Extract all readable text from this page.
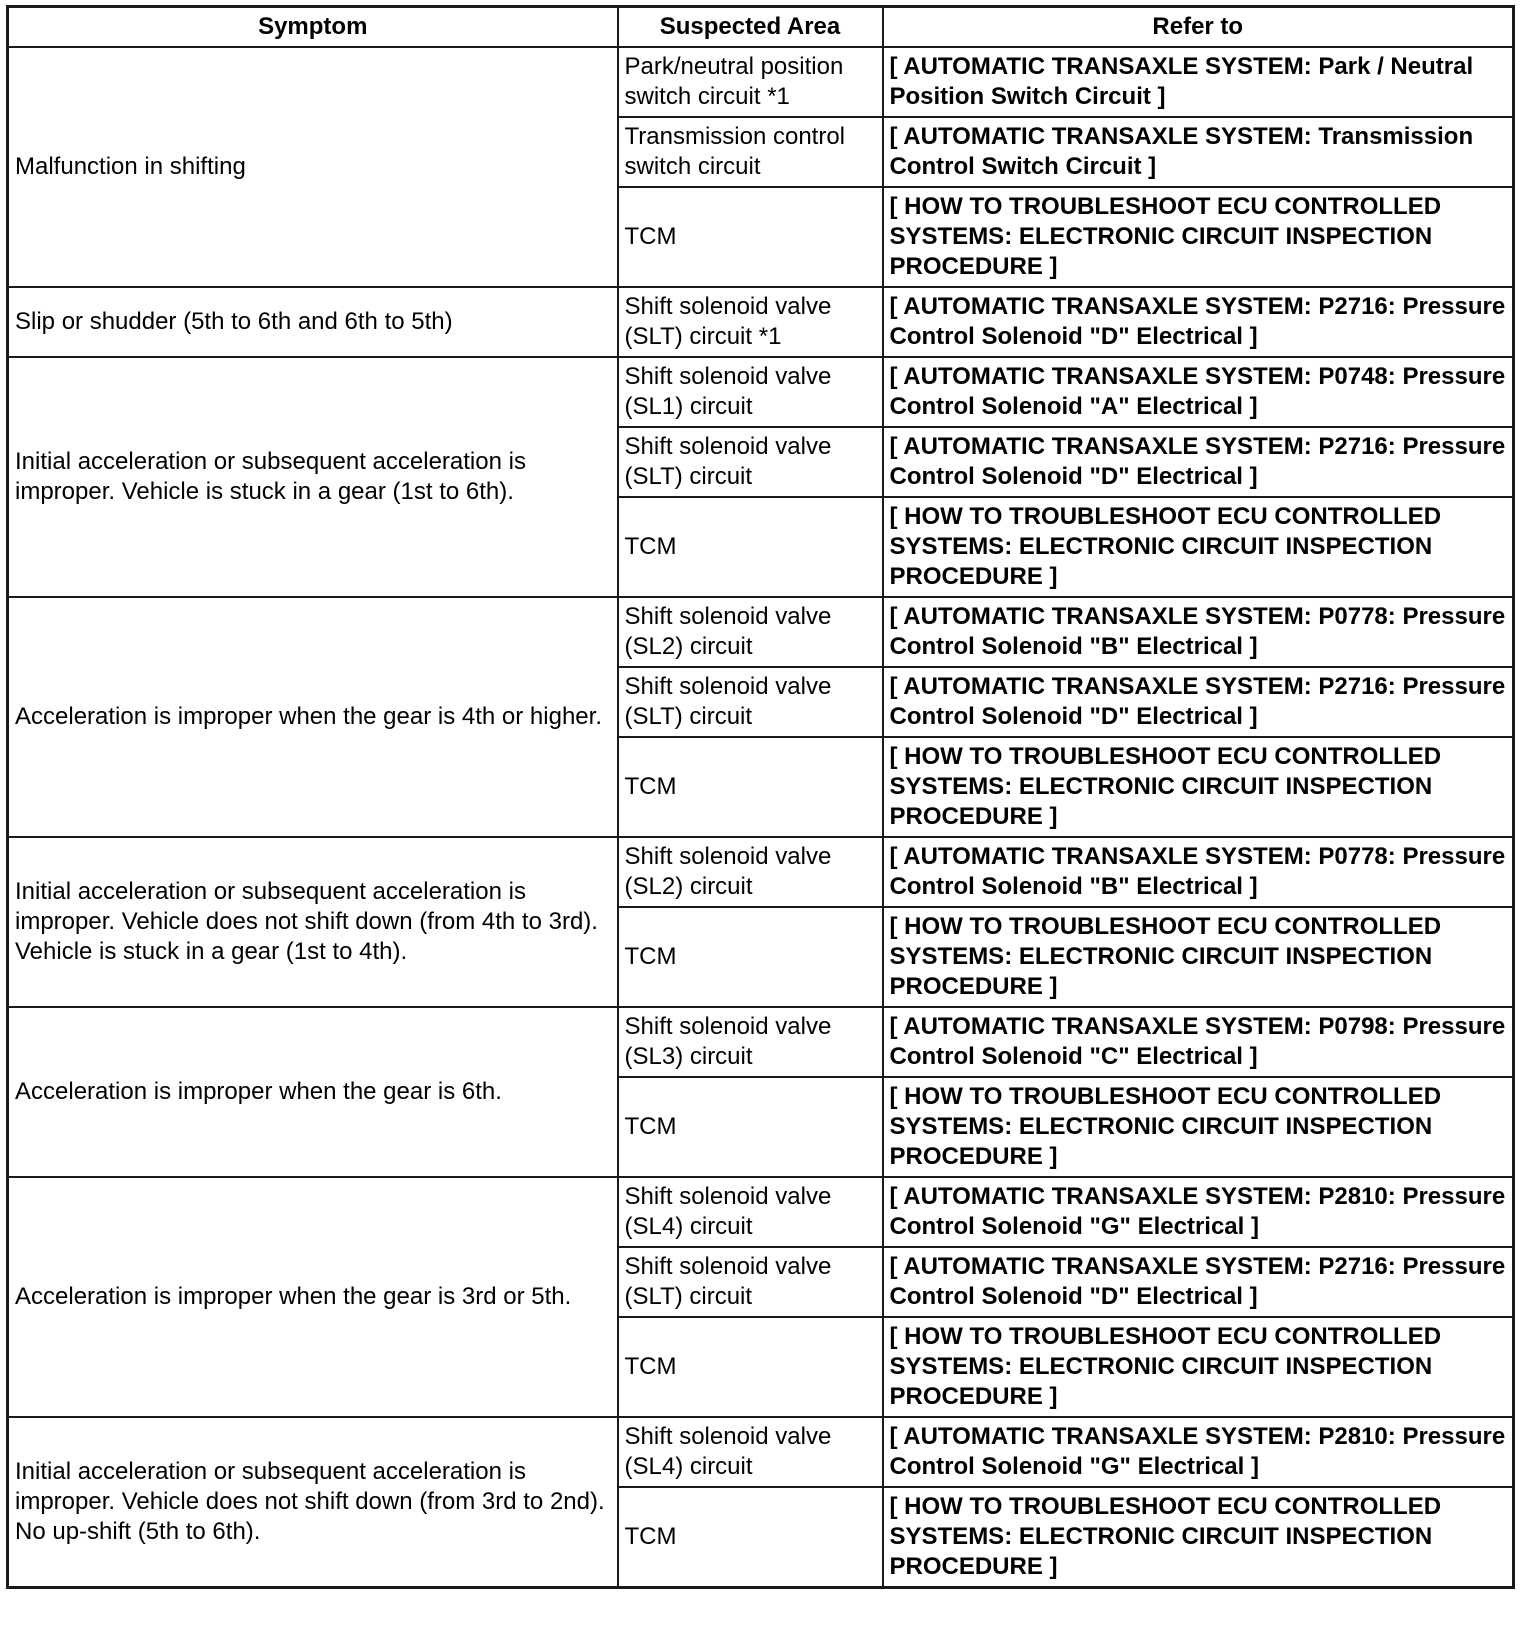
Symptom	Suspected Area	Refer to
Malfunction in shifting	Park/neutral position switch circuit *1	[ AUTOMATIC TRANSAXLE SYSTEM: Park / Neutral Position Switch Circuit ]
	Transmission control switch circuit	[ AUTOMATIC TRANSAXLE SYSTEM: Transmission Control Switch Circuit ]
	TCM	[ HOW TO TROUBLESHOOT ECU CONTROLLED SYSTEMS: ELECTRONIC CIRCUIT INSPECTION PROCEDURE ]
Slip or shudder (5th to 6th and 6th to 5th)	Shift solenoid valve (SLT) circuit *1	[ AUTOMATIC TRANSAXLE SYSTEM: P2716: Pressure Control Solenoid "D" Electrical ]
Initial acceleration or subsequent acceleration is improper. Vehicle is stuck in a gear (1st to 6th).	Shift solenoid valve (SL1) circuit	[ AUTOMATIC TRANSAXLE SYSTEM: P0748: Pressure Control Solenoid "A" Electrical ]
	Shift solenoid valve (SLT) circuit	[ AUTOMATIC TRANSAXLE SYSTEM: P2716: Pressure Control Solenoid "D" Electrical ]
	TCM	[ HOW TO TROUBLESHOOT ECU CONTROLLED SYSTEMS: ELECTRONIC CIRCUIT INSPECTION PROCEDURE ]
Acceleration is improper when the gear is 4th or higher.	Shift solenoid valve (SL2) circuit	[ AUTOMATIC TRANSAXLE SYSTEM: P0778: Pressure Control Solenoid "B" Electrical ]
	Shift solenoid valve (SLT) circuit	[ AUTOMATIC TRANSAXLE SYSTEM: P2716: Pressure Control Solenoid "D" Electrical ]
	TCM	[ HOW TO TROUBLESHOOT ECU CONTROLLED SYSTEMS: ELECTRONIC CIRCUIT INSPECTION PROCEDURE ]
Initial acceleration or subsequent acceleration is improper. Vehicle does not shift down (from 4th to 3rd). Vehicle is stuck in a gear (1st to 4th).	Shift solenoid valve (SL2) circuit	[ AUTOMATIC TRANSAXLE SYSTEM: P0778: Pressure Control Solenoid "B" Electrical ]
	TCM	[ HOW TO TROUBLESHOOT ECU CONTROLLED SYSTEMS: ELECTRONIC CIRCUIT INSPECTION PROCEDURE ]
Acceleration is improper when the gear is 6th.	Shift solenoid valve (SL3) circuit	[ AUTOMATIC TRANSAXLE SYSTEM: P0798: Pressure Control Solenoid "C" Electrical ]
	TCM	[ HOW TO TROUBLESHOOT ECU CONTROLLED SYSTEMS: ELECTRONIC CIRCUIT INSPECTION PROCEDURE ]
Acceleration is improper when the gear is 3rd or 5th.	Shift solenoid valve (SL4) circuit	[ AUTOMATIC TRANSAXLE SYSTEM: P2810: Pressure Control Solenoid "G" Electrical ]
	Shift solenoid valve (SLT) circuit	[ AUTOMATIC TRANSAXLE SYSTEM: P2716: Pressure Control Solenoid "D" Electrical ]
	TCM	[ HOW TO TROUBLESHOOT ECU CONTROLLED SYSTEMS: ELECTRONIC CIRCUIT INSPECTION PROCEDURE ]
Initial acceleration or subsequent acceleration is improper. Vehicle does not shift down (from 3rd to 2nd). No up-shift (5th to 6th).	Shift solenoid valve (SL4) circuit	[ AUTOMATIC TRANSAXLE SYSTEM: P2810: Pressure Control Solenoid "G" Electrical ]
	TCM	[ HOW TO TROUBLESHOOT ECU CONTROLLED SYSTEMS: ELECTRONIC CIRCUIT INSPECTION PROCEDURE ]
